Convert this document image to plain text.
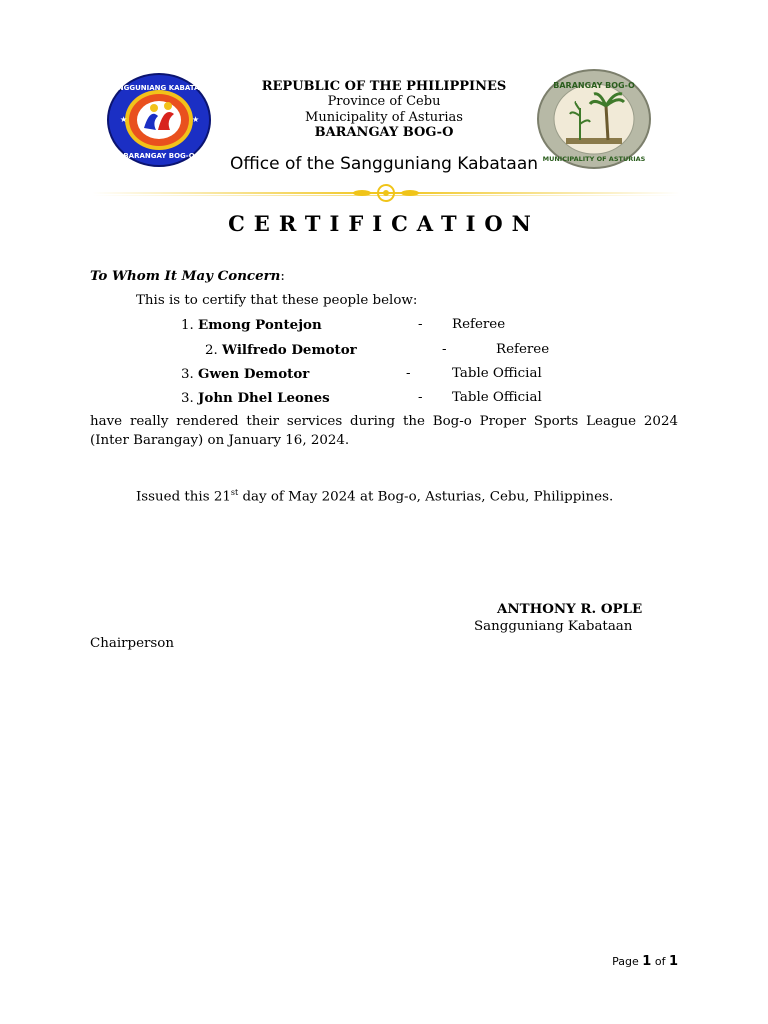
★	★
SANGGUNIANG KABATAAN
BARANGAY BOG-O
BARANGAY BOG-O
MUNICIPALITY OF ASTURIAS
REPUBLIC OF THE PHILIPPINES
Province of Cebu
Municipality of Asturias
BARANGAY BOG-O
Office of the Sangguniang Kabataan
CERTIFICATION
To Whom It May Concern:
This is to certify that these people below:
1. Emong Pontejon	- Referee
2. Wilfredo Demotor	-	Referee
3. Gwen Demotor	-	Table Official
3. John Dhel Leones	- Table Official
have really rendered their services during the Bog-o Proper Sports League 2024 (Inter Barangay) on January 16, 2024.
Issued this 21st day of May 2024 at Bog-o, Asturias, Cebu, Philippines.
ANTHONY R. OPLE
Sangguniang Kabataan
Chairperson
Page 1 of 1
